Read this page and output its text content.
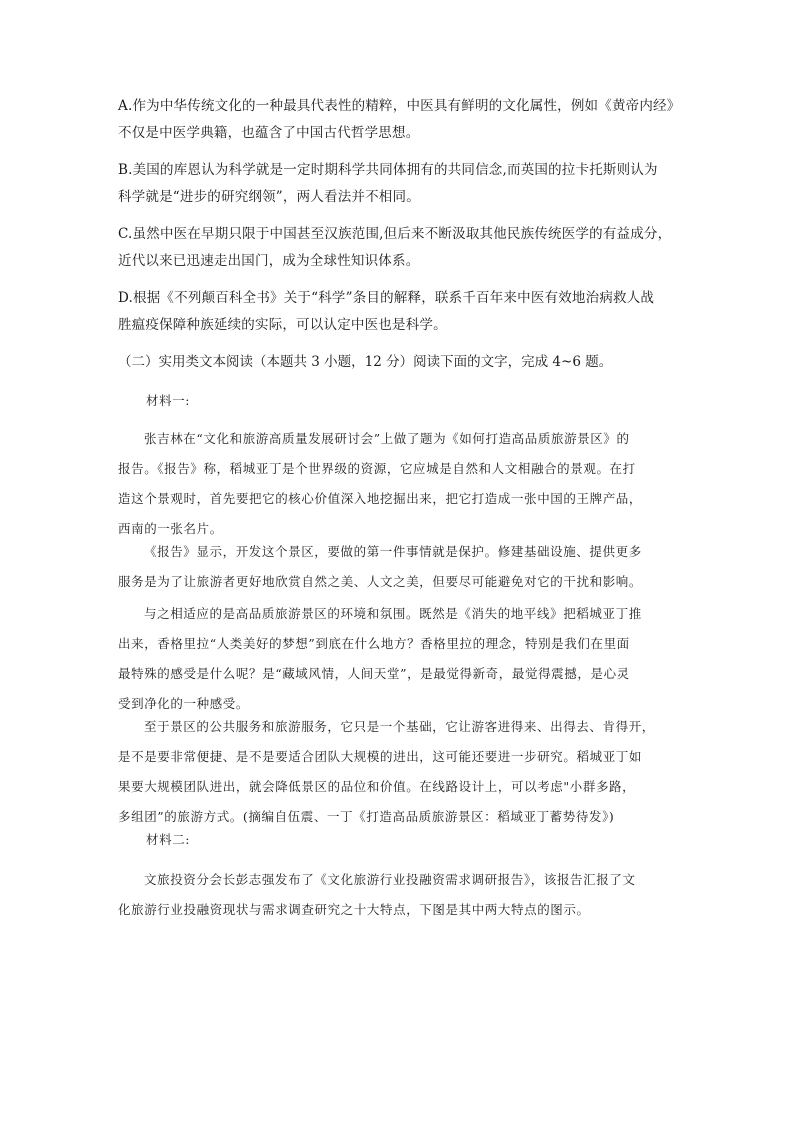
A.作为中华传统文化的一种最具代表性的精粹，中医具有鲜明的文化属性，例如《黄帝内经》
不仅是中医学典籍，也蕴含了中国古代哲学思想。

B.美国的库恩认为科学就是一定时期科学共同体拥有的共同信念,而英国的拉卡托斯则认为
科学就是“进步的研究纲领”，两人看法并不相同。

C.虽然中医在早期只限于中国甚至汉族范围,但后来不断汲取其他民族传统医学的有益成分，
近代以来已迅速走出国门，成为全球性知识体系。

D.根据《不列颠百科全书》关于“科学”条目的解释，联系千百年来中医有效地治病救人战
胜瘟疫保障种族延续的实际，可以认定中医也是科学。

（二）实用类文本阅读（本题共 3 小题，12 分）阅读下面的文字，完成 4~6 题。

材料一:

张吉林在“文化和旅游高质量发展研讨会”上做了题为《如何打造高品质旅游景区》的
报告。《报告》称，稻城亚丁是个世界级的资源，它应城是自然和人文相融合的景观。在打
造这个景观时，首先要把它的核心价值深入地挖掘出来，把它打造成一张中国的王牌产品，
西南的一张名片。

《报告》显示，开发这个景区，要做的第一件事情就是保护。修建基础设施、提供更多
服务是为了让旅游者更好地欣赏自然之美、人文之美，但要尽可能避免对它的干扰和影响。

与之相适应的是高品质旅游景区的环境和氛围。既然是《消失的地平线》把稻城亚丁推
出来，香格里拉“人类美好的梦想”到底在什么地方？香格里拉的理念，特别是我们在里面
最特殊的感受是什么呢？是“藏域风情，人间天堂”，是最觉得新奇，最觉得震撼，是心灵
受到净化的一种感受。

至于景区的公共服务和旅游服务，它只是一个基础，它让游客进得来、出得去、肯得开，
是不是要非常便捷、是不是要适合团队大规模的进出，这可能还要进一步研究。稻城亚丁如
果要大规模团队进出，就会降低景区的品位和价值。在线路设计上，可以考虑"小群多路，
多组团”的旅游方式。(摘编自伍震、一丁《打造高品质旅游景区：稻域亚丁蓄势待发》)

材料二:

文旅投资分会长彭志强发布了《文化旅游行业投融资需求调研报告》，该报告汇报了文
化旅游行业投融资现状与需求调查研究之十大特点，下图是其中两大特点的图示。
